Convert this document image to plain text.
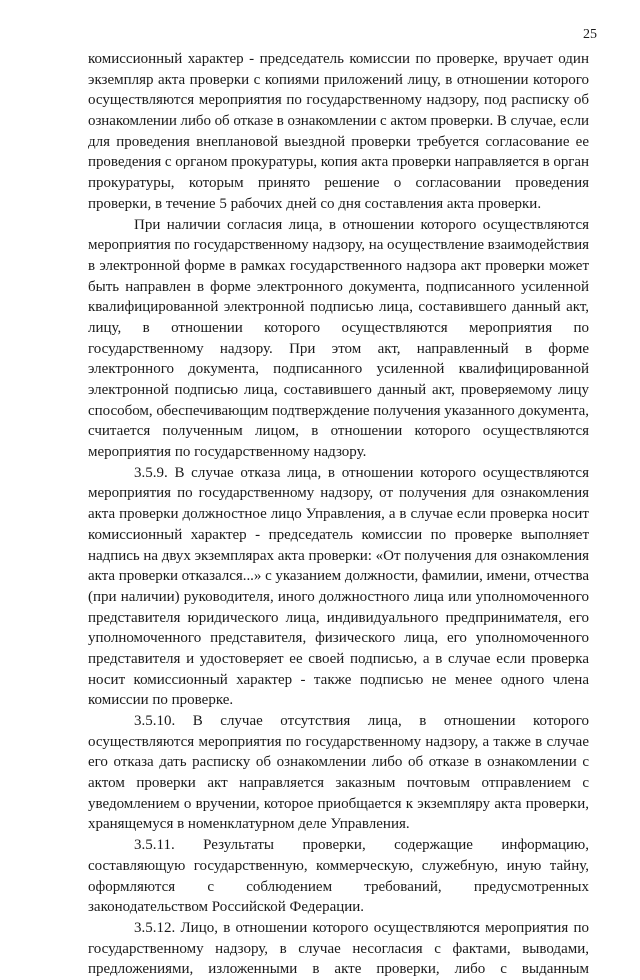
25
комиссионный характер - председатель комиссии по проверке, вручает один
экземпляр акта проверки с копиями приложений лицу, в отношении которого
осуществляются мероприятия по государственному надзору, под расписку об
ознакомлении либо об отказе в ознакомлении с актом проверки. В случае, если
для проведения внеплановой выездной проверки требуется согласование ее
проведения с органом прокуратуры, копия акта проверки направляется в орган
прокуратуры, которым принято решение о согласовании проведения
проверки, в течение 5 рабочих дней со дня составления акта проверки.
При наличии согласия лица, в отношении которого осуществляются
мероприятия по государственному надзору, на осуществление взаимодействия
в электронной форме в рамках государственного надзора акт проверки может
быть направлен в форме электронного документа, подписанного усиленной
квалифицированной электронной подписью лица, составившего данный акт,
лицу, в отношении которого осуществляются мероприятия по
государственному надзору. При этом акт, направленный в форме
электронного документа, подписанного усиленной квалифицированной
электронной подписью лица, составившего данный акт, проверяемому лицу
способом, обеспечивающим подтверждение получения указанного документа,
считается полученным лицом, в отношении которого осуществляются
мероприятия по государственному надзору.
3.5.9. В случае отказа лица, в отношении которого осуществляются
мероприятия по государственному надзору, от получения для ознакомления
акта проверки должностное лицо Управления, а в случае если проверка носит
комиссионный характер - председатель комиссии по проверке выполняет
надпись на двух экземплярах акта проверки: «От получения для ознакомления
акта проверки отказался...» с указанием должности, фамилии, имени, отчества
(при наличии) руководителя, иного должностного лица или уполномоченного
представителя юридического лица, индивидуального предпринимателя, его
уполномоченного представителя, физического лица, его уполномоченного
представителя и удостоверяет ее своей подписью, а в случае если проверка
носит комиссионный характер - также подписью не менее одного члена
комиссии по проверке.
3.5.10. В случае отсутствия лица, в отношении которого
осуществляются мероприятия по государственному надзору, а также в случае
его отказа дать расписку об ознакомлении либо об отказе в ознакомлении с
актом проверки акт направляется заказным почтовым отправлением с
уведомлением о вручении, которое приобщается к экземпляру акта проверки,
хранящемуся в номенклатурном деле Управления.
3.5.11. Результаты проверки, содержащие информацию,
составляющую государственную, коммерческую, служебную, иную тайну,
оформляются с соблюдением требований, предусмотренных
законодательством Российской Федерации.
3.5.12. Лицо, в отношении которого осуществляются мероприятия по
государственному надзору, в случае несогласия с фактами, выводами,
предложениями, изложенными в акте проверки, либо с выданным
